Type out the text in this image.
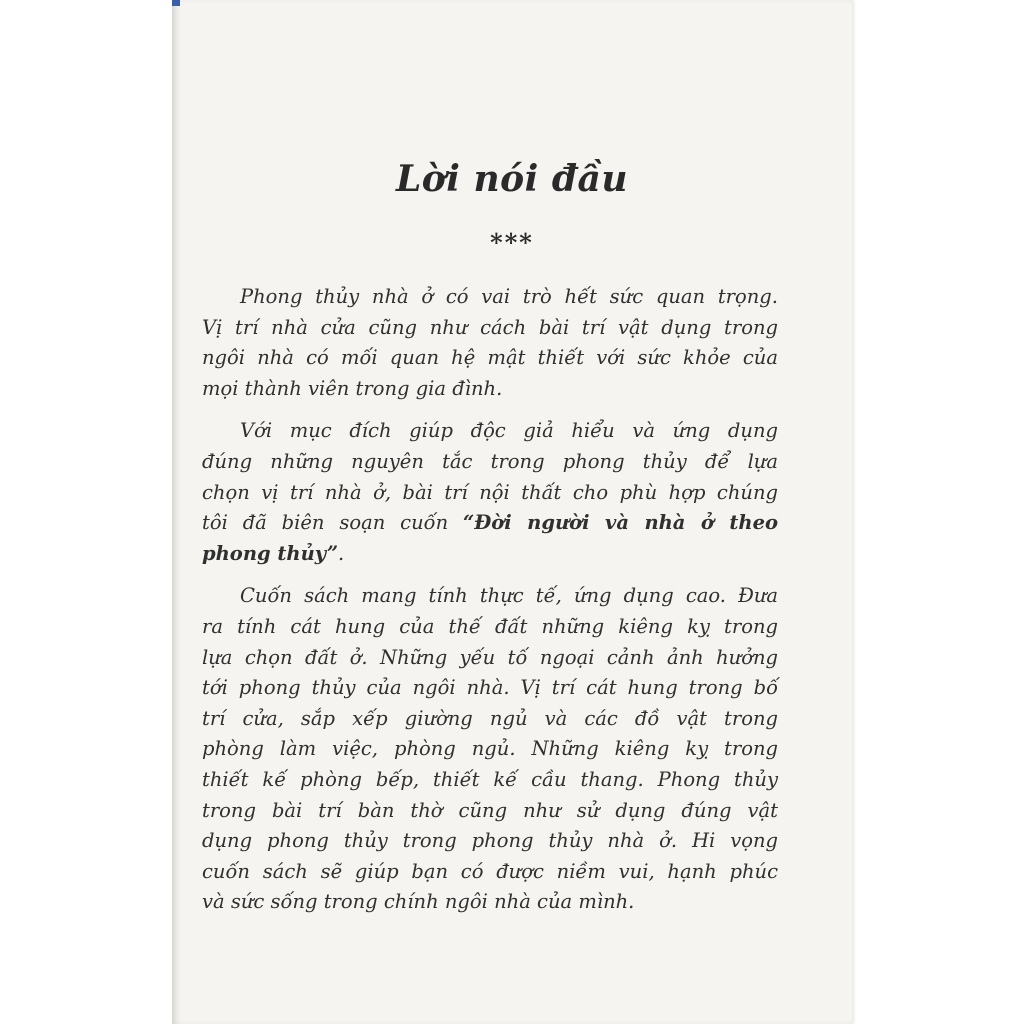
Lời nói đầu
***
Phong thủy nhà ở có vai trò hết sức quan trọng.
Vị trí nhà cửa cũng như cách bài trí vật dụng trong
ngôi nhà có mối quan hệ mật thiết với sức khỏe của
mọi thành viên trong gia đình.
Với mục đích giúp độc giả hiểu và ứng dụng
đúng những nguyên tắc trong phong thủy để lựa
chọn vị trí nhà ở, bài trí nội thất cho phù hợp chúng
tôi đã biên soạn cuốn “Đời người và nhà ở theo
phong thủy”.
Cuốn sách mang tính thực tế, ứng dụng cao. Đưa
ra tính cát hung của thế đất những kiêng kỵ trong
lựa chọn đất ở. Những yếu tố ngoại cảnh ảnh hưởng
tới phong thủy của ngôi nhà. Vị trí cát hung trong bố
trí cửa, sắp xếp giường ngủ và các đồ vật trong
phòng làm việc, phòng ngủ. Những kiêng kỵ trong
thiết kế phòng bếp, thiết kế cầu thang. Phong thủy
trong bài trí bàn thờ cũng như sử dụng đúng vật
dụng phong thủy trong phong thủy nhà ở. Hi vọng
cuốn sách sẽ giúp bạn có được niềm vui, hạnh phúc
và sức sống trong chính ngôi nhà của mình.
